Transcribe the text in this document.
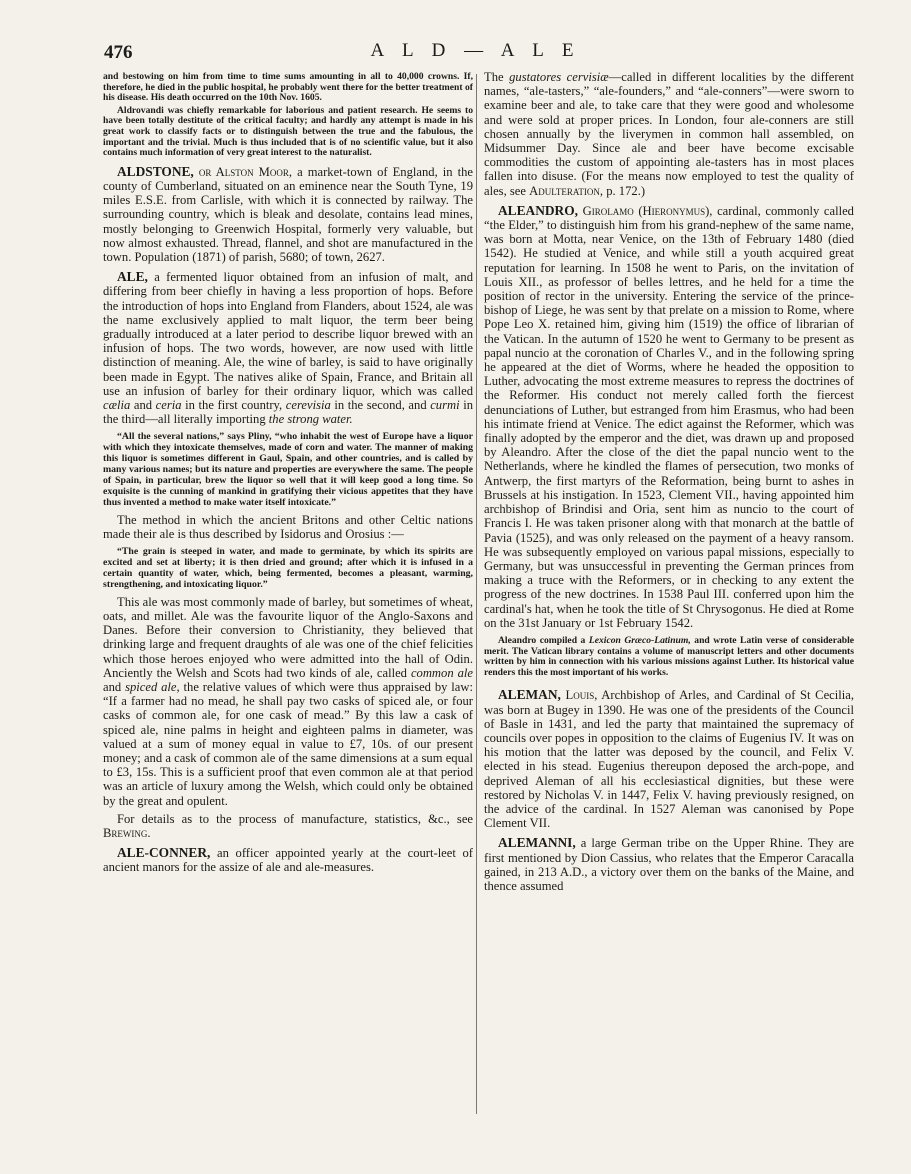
476	A L D — A L E

and bestowing on him from time to time sums amounting in all to 40,000 crowns. If, therefore, he died in the public hospital, he probably went there for the better treatment of his disease. His death occurred on the 10th Nov. 1605.

Aldrovandi was chiefly remarkable for laborious and patient research. He seems to have been totally destitute of the critical faculty; and hardly any attempt is made in his great work to classify facts or to distinguish between the true and the fabulous, the important and the trivial. Much is thus included that is of no scientific value, but it also contains much information of very great interest to the naturalist.

ALDSTONE, or Alston Moor, a market-town of England, in the county of Cumberland, situated on an eminence near the South Tyne, 19 miles E.S.E. from Carlisle, with which it is connected by railway. The surrounding country, which is bleak and desolate, contains lead mines, mostly belonging to Greenwich Hospital, formerly very valuable, but now almost exhausted. Thread, flannel, and shot are manufactured in the town. Population (1871) of parish, 5680; of town, 2627.

ALE, a fermented liquor obtained from an infusion of malt, and differing from beer chiefly in having a less proportion of hops. Before the introduction of hops into England from Flanders, about 1524, ale was the name exclusively applied to malt liquor, the term beer being gradually introduced at a later period to describe liquor brewed with an infusion of hops. The two words, however, are now used with little distinction of meaning. Ale, the wine of barley, is said to have originally been made in Egypt. The natives alike of Spain, France, and Britain all use an infusion of barley for their ordinary liquor, which was called cælia and ceria in the first country, cerevisia in the second, and curmi in the third—all literally importing the strong water.

“All the several nations,” says Pliny, “who inhabit the west of Europe have a liquor with which they intoxicate themselves, made of corn and water. The manner of making this liquor is sometimes different in Gaul, Spain, and other countries, and is called by many various names; but its nature and properties are everywhere the same. The people of Spain, in particular, brew the liquor so well that it will keep good a long time. So exquisite is the cunning of mankind in gratifying their vicious appetites that they have thus invented a method to make water itself intoxicate.”

The method in which the ancient Britons and other Celtic nations made their ale is thus described by Isidorus and Orosius :—

“The grain is steeped in water, and made to germinate, by which its spirits are excited and set at liberty; it is then dried and ground; after which it is infused in a certain quantity of water, which, being fermented, becomes a pleasant, warming, strengthening, and intoxicating liquor.”

This ale was most commonly made of barley, but sometimes of wheat, oats, and millet. Ale was the favourite liquor of the Anglo-Saxons and Danes. Before their conversion to Christianity, they believed that drinking large and frequent draughts of ale was one of the chief felicities which those heroes enjoyed who were admitted into the hall of Odin. Anciently the Welsh and Scots had two kinds of ale, called common ale and spiced ale, the relative values of which were thus appraised by law: “If a farmer had no mead, he shall pay two casks of spiced ale, or four casks of common ale, for one cask of mead.” By this law a cask of spiced ale, nine palms in height and eighteen palms in diameter, was valued at a sum of money equal in value to £7, 10s. of our present money; and a cask of common ale of the same dimensions at a sum equal to £3, 15s. This is a sufficient proof that even common ale at that period was an article of luxury among the Welsh, which could only be obtained by the great and opulent.

For details as to the process of manufacture, statistics, &c., see Brewing.

ALE-CONNER, an officer appointed yearly at the court-leet of ancient manors for the assize of ale and ale-measures.

The gustatores cervisiæ—called in different localities by the different names, “ale-tasters,” “ale-founders,” and “ale-conners”—were sworn to examine beer and ale, to take care that they were good and wholesome and were sold at proper prices. In London, four ale-conners are still chosen annually by the liverymen in common hall assembled, on Midsummer Day. Since ale and beer have become excisable commodities the custom of appointing ale-tasters has in most places fallen into disuse. (For the means now employed to test the quality of ales, see Adulteration, p. 172.)

ALEANDRO, Girolamo (Hieronymus), cardinal, commonly called “the Elder,” to distinguish him from his grand-nephew of the same name, was born at Motta, near Venice, on the 13th of February 1480 (died 1542). He studied at Venice, and while still a youth acquired great reputation for learning. In 1508 he went to Paris, on the invitation of Louis XII., as professor of belles lettres, and he held for a time the position of rector in the university. Entering the service of the prince-bishop of Liege, he was sent by that prelate on a mission to Rome, where Pope Leo X. retained him, giving him (1519) the office of librarian of the Vatican. In the autumn of 1520 he went to Germany to be present as papal nuncio at the coronation of Charles V., and in the following spring he appeared at the diet of Worms, where he headed the opposition to Luther, advocating the most extreme measures to repress the doctrines of the Reformer. His conduct not merely called forth the fiercest denunciations of Luther, but estranged from him Erasmus, who had been his intimate friend at Venice. The edict against the Reformer, which was finally adopted by the emperor and the diet, was drawn up and proposed by Aleandro. After the close of the diet the papal nuncio went to the Netherlands, where he kindled the flames of persecution, two monks of Antwerp, the first martyrs of the Reformation, being burnt to ashes in Brussels at his instigation. In 1523, Clement VII., having appointed him archbishop of Brindisi and Oria, sent him as nuncio to the court of Francis I. He was taken prisoner along with that monarch at the battle of Pavia (1525), and was only released on the payment of a heavy ransom. He was subsequently employed on various papal missions, especially to Germany, but was unsuccessful in preventing the German princes from making a truce with the Reformers, or in checking to any extent the progress of the new doctrines. In 1538 Paul III. conferred upon him the cardinal's hat, when he took the title of St Chrysogonus. He died at Rome on the 31st January or 1st February 1542.

Aleandro compiled a Lexicon Græco-Latinum, and wrote Latin verse of considerable merit. The Vatican library contains a volume of manuscript letters and other documents written by him in connection with his various missions against Luther. Its historical value renders this the most important of his works.

ALEMAN, Louis, Archbishop of Arles, and Cardinal of St Cecilia, was born at Bugey in 1390. He was one of the presidents of the Council of Basle in 1431, and led the party that maintained the supremacy of councils over popes in opposition to the claims of Eugenius IV. It was on his motion that the latter was deposed by the council, and Felix V. elected in his stead. Eugenius thereupon deposed the arch-pope, and deprived Aleman of all his ecclesiastical dignities, but these were restored by Nicholas V. in 1447, Felix V. having previously resigned, on the advice of the cardinal. In 1527 Aleman was canonised by Pope Clement VII.

ALEMANNI, a large German tribe on the Upper Rhine. They are first mentioned by Dion Cassius, who relates that the Emperor Caracalla gained, in 213 A.D., a victory over them on the banks of the Maine, and thence assumed
